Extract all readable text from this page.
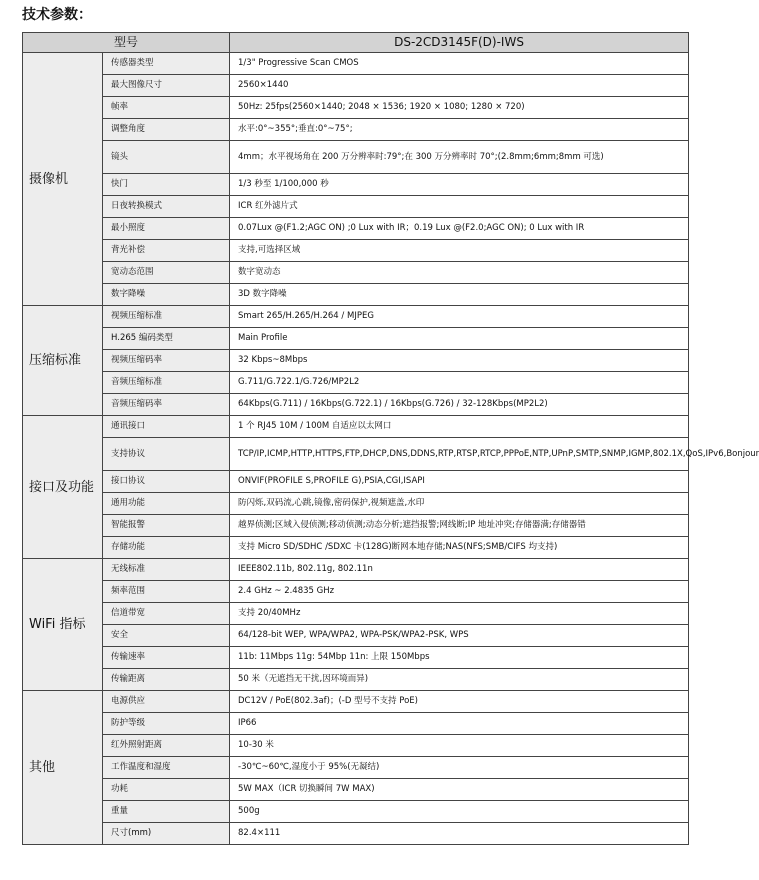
技术参数：
型号		DS-2CD3145F(D)-IWS
摄像机	传感器类型	1/3" Progressive Scan CMOS
	最大图像尺寸	2560×1440
	帧率	50Hz: 25fps(2560×1440; 2048 × 1536; 1920 × 1080; 1280 × 720)
	调整角度	水平:0°~355°;垂直:0°~75°;
	镜头	4mm；水平视场角在 200 万分辨率时:79°;在 300 万分辨率时 70°;(2.8mm;6mm;8mm 可选)
	快门	1/3 秒至 1/100,000 秒
	日夜转换模式	ICR 红外滤片式
	最小照度	0.07Lux @(F1.2;AGC ON) ;0 Lux with IR；0.19 Lux @(F2.0;AGC ON); 0 Lux with IR
	背光补偿	支持,可选择区域
	宽动态范围	数字宽动态
	数字降噪	3D 数字降噪
压缩标准	视频压缩标准	Smart 265/H.265/H.264 / MJPEG
	H.265 编码类型	Main Profile
	视频压缩码率	32 Kbps~8Mbps
	音频压缩标准	G.711/G.722.1/G.726/MP2L2
	音频压缩码率	64Kbps(G.711) / 16Kbps(G.722.1) / 16Kbps(G.726) / 32-128Kbps(MP2L2)
接口及功能	通讯接口	1 个 RJ45 10M / 100M 自适应以太网口
	支持协议	TCP/IP,ICMP,HTTP,HTTPS,FTP,DHCP,DNS,DDNS,RTP,RTSP,RTCP,PPPoE,NTP,UPnP,SMTP,SNMP,IGMP,802.1X,QoS,IPv6,Bonjour
	接口协议	ONVIF(PROFILE S,PROFILE G),PSIA,CGI,ISAPI
	通用功能	防闪烁,双码流,心跳,镜像,密码保护,视频遮盖,水印
	智能报警	越界侦测;区域入侵侦测;移动侦测;动态分析;遮挡报警;网线断;IP 地址冲突;存储器满;存储器错
	存储功能	支持 Micro SD/SDHC /SDXC 卡(128G)断网本地存储;NAS(NFS;SMB/CIFS 均支持)
WiFi 指标	无线标准	IEEE802.11b, 802.11g, 802.11n
	频率范围	2.4 GHz ~ 2.4835 GHz
	信道带宽	支持 20/40MHz
	安全	64/128-bit WEP, WPA/WPA2, WPA-PSK/WPA2-PSK, WPS
	传输速率	11b: 11Mbps 11g: 54Mbp 11n: 上限 150Mbps
	传输距离	50 米（无遮挡无干扰,因环境而异)
其他	电源供应	DC12V / PoE(802.3af)；(-D 型号不支持 PoE)
	防护等级	IP66
	红外照射距离	10-30 米
	工作温度和湿度	-30℃~60℃,湿度小于 95%(无凝结)
	功耗	5W MAX（ICR 切换瞬间 7W MAX)
	重量	500g
	尺寸(mm)	82.4×111
